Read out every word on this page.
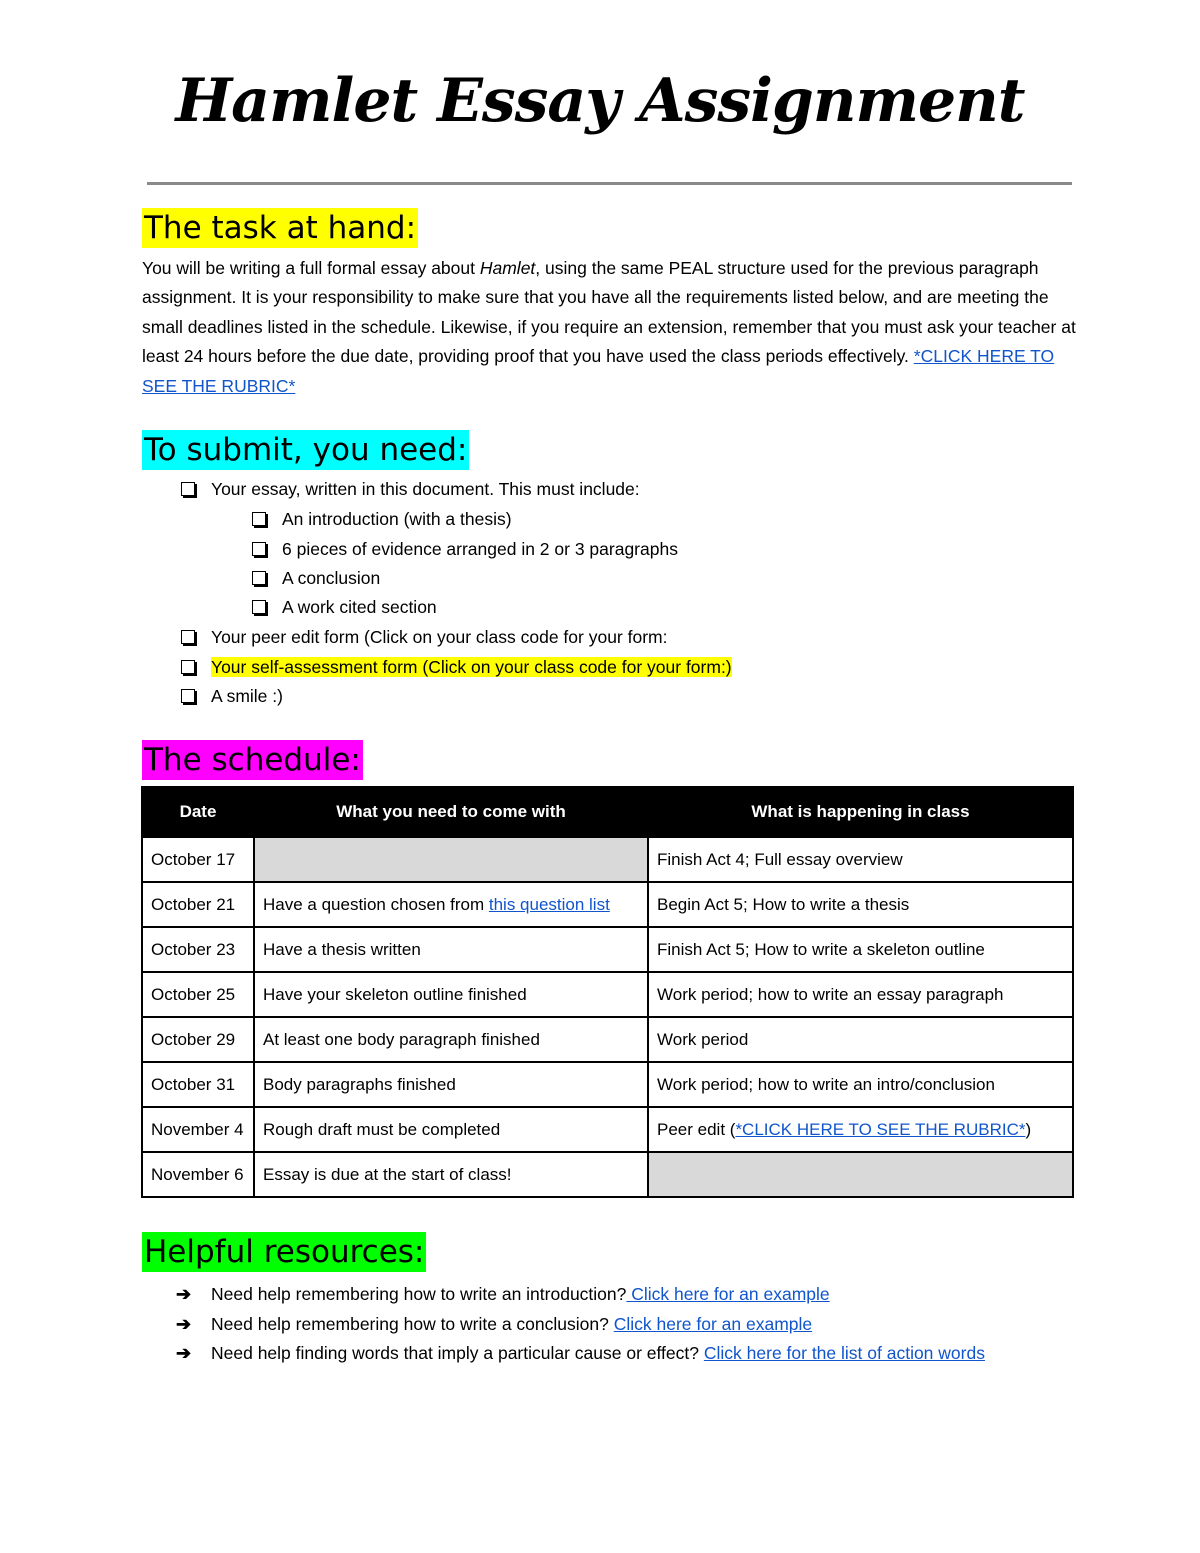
Hamlet Essay Assignment
The task at hand:
You will be writing a full formal essay about Hamlet, using the same PEAL structure used for the previous paragraph assignment. It is your responsibility to make sure that you have all the requirements listed below, and are meeting the small deadlines listed in the schedule. Likewise, if you require an extension, remember that you must ask your teacher at least 24 hours before the due date, providing proof that you have used the class periods effectively. *CLICK HERE TO SEE THE RUBRIC*
To submit, you need:
Your essay, written in this document. This must include:
An introduction (with a thesis)
6 pieces of evidence arranged in 2 or 3 paragraphs
A conclusion
A work cited section
Your peer edit form (Click on your class code for your form:
Your self-assessment form (Click on your class code for your form:)
A smile :)
The schedule:
Date	What you need to come with	What is happening in class
October 17		Finish Act 4; Full essay overview
October 21	Have a question chosen from this question list	Begin Act 5; How to write a thesis
October 23	Have a thesis written	Finish Act 5; How to write a skeleton outline
October 25	Have your skeleton outline finished	Work period; how to write an essay paragraph
October 29	At least one body paragraph finished	Work period
October 31	Body paragraphs finished	Work period; how to write an intro/conclusion
November 4	Rough draft must be completed	Peer edit (*CLICK HERE TO SEE THE RUBRIC*)
November 6	Essay is due at the start of class!	
Helpful resources:
➔ Need help remembering how to write an introduction? Click here for an example
➔ Need help remembering how to write a conclusion? Click here for an example
➔ Need help finding words that imply a particular cause or effect? Click here for the list of action words
